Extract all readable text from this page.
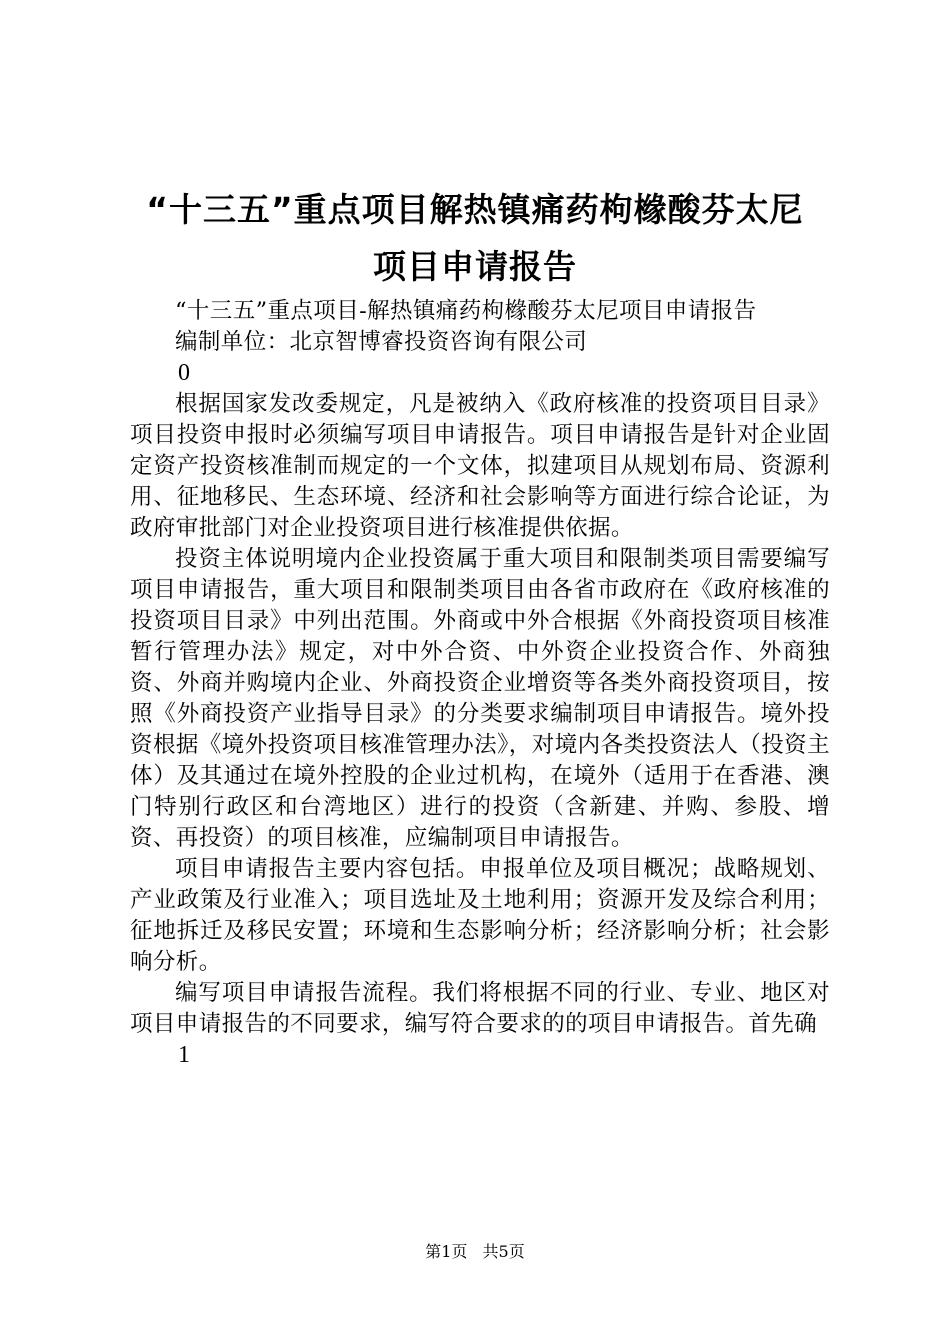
“十三五”重点项目解热镇痛药枸橼酸芬太尼
项目申请报告

“十三五”重点项目-解热镇痛药枸橼酸芬太尼项目申请报告

编制单位：北京智博睿投资咨询有限公司

0

根据国家发改委规定，凡是被纳入《政府核准的投资项目目录》项目投资申报时必须编写项目申请报告。项目申请报告是针对企业固定资产投资核准制而规定的一个文体，拟建项目从规划布局、资源利用、征地移民、生态环境、经济和社会影响等方面进行综合论证，为政府审批部门对企业投资项目进行核准提供依据。

投资主体说明境内企业投资属于重大项目和限制类项目需要编写项目申请报告，重大项目和限制类项目由各省市政府在《政府核准的投资项目目录》中列出范围。外商或中外合根据《外商投资项目核准暂行管理办法》规定，对中外合资、中外资企业投资合作、外商独资、外商并购境内企业、外商投资企业增资等各类外商投资项目，按照《外商投资产业指导目录》的分类要求编制项目申请报告。境外投资根据《境外投资项目核准管理办法》，对境内各类投资法人（投资主体）及其通过在境外控股的企业过机构，在境外（适用于在香港、澳门特别行政区和台湾地区）进行的投资（含新建、并购、参股、增资、再投资）的项目核准，应编制项目申请报告。

项目申请报告主要内容包括。申报单位及项目概况；战略规划、产业政策及行业准入；项目选址及土地利用；资源开发及综合利用；征地拆迁及移民安置；环境和生态影响分析；经济影响分析；社会影响分析。

编写项目申请报告流程。我们将根据不同的行业、专业、地区对项目申请报告的不同要求，编写符合要求的的项目申请报告。首先确

1

第1页 共5页
